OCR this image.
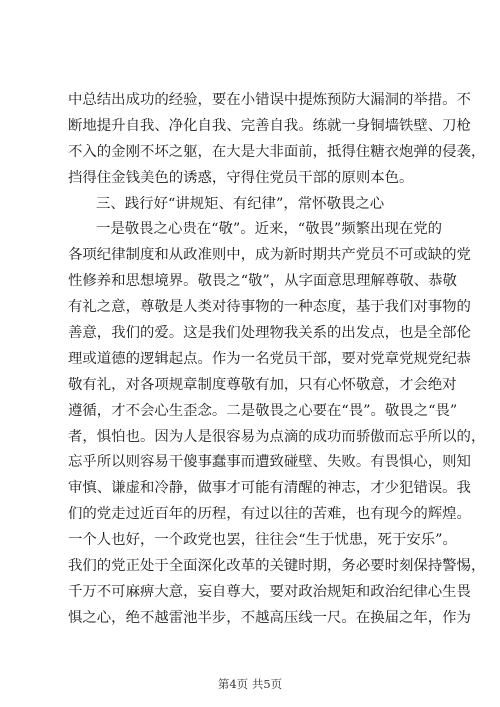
中总结出成功的经验，要在小错误中提炼预防大漏洞的举措。不
断地提升自我、净化自我、完善自我。练就一身铜墙铁壁、刀枪
不入的金刚不坏之躯，在大是大非面前，抵得住糖衣炮弹的侵袭，
挡得住金钱美色的诱惑，守得住党员干部的原则本色。
三、践行好“讲规矩、有纪律”，常怀敬畏之心
一是敬畏之心贵在“敬”。近来，“敬畏”频繁出现在党的
各项纪律制度和从政准则中，成为新时期共产党员不可或缺的党
性修养和思想境界。敬畏之“敬”，从字面意思理解尊敬、恭敬
有礼之意，尊敬是人类对待事物的一种态度，基于我们对事物的
善意，我们的爱。这是我们处理物我关系的出发点，也是全部伦
理或道德的逻辑起点。作为一名党员干部，要对党章党规党纪恭
敬有礼，对各项规章制度尊敬有加，只有心怀敬意，才会绝对
遵循，才不会心生歪念。二是敬畏之心要在“畏”。敬畏之“畏”
者，惧怕也。因为人是很容易为点滴的成功而骄傲而忘乎所以的，
忘乎所以则容易干傻事蠢事而遭致碰壁、失败。有畏惧心，则知
审慎、谦虚和冷静，做事才可能有清醒的神志，才少犯错误。我
们的党走过近百年的历程，有过以往的苦难，也有现今的辉煌。
一个人也好，一个政党也罢，往往会“生于忧患，死于安乐”。
我们的党正处于全面深化改革的关键时期，务必要时刻保持警惕，
千万不可麻痹大意，妄自尊大，要对政治规矩和政治纪律心生畏
惧之心，绝不越雷池半步，不越高压线一尺。在换届之年，作为
第4页 共5页
